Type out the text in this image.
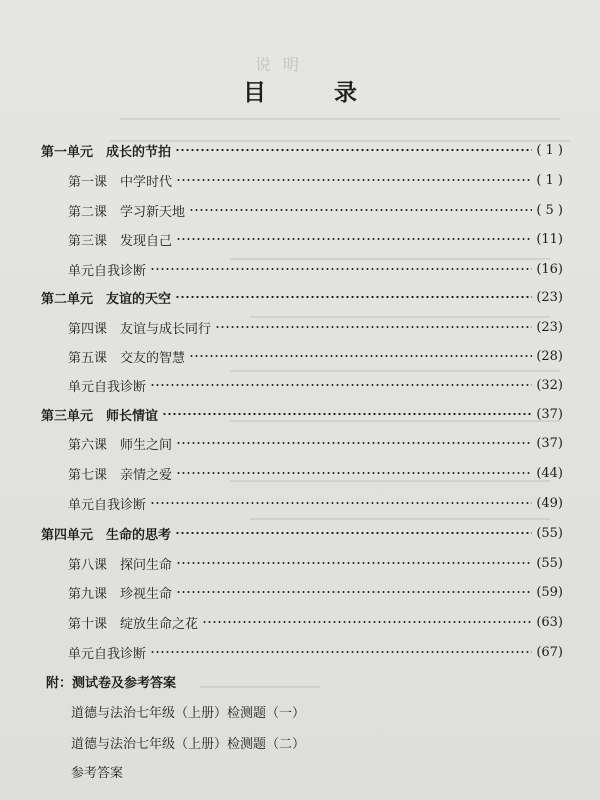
说明
目 录
第一单元　成长的节拍	( 1 )
第一课　中学时代	( 1 )
第二课　学习新天地	( 5 )
第三课　发现自己	(11)
单元自我诊断	(16)
第二单元　友谊的天空	(23)
第四课　友谊与成长同行	(23)
第五课　交友的智慧	(28)
单元自我诊断	(32)
第三单元　师长情谊	(37)
第六课　师生之间	(37)
第七课　亲情之爱	(44)
单元自我诊断	(49)
第四单元　生命的思考	(55)
第八课　探问生命	(55)
第九课　珍视生命	(59)
第十课　绽放生命之花	(63)
单元自我诊断	(67)
附：测试卷及参考答案
道德与法治七年级（上册）检测题（一）
道德与法治七年级（上册）检测题（二）
参考答案
